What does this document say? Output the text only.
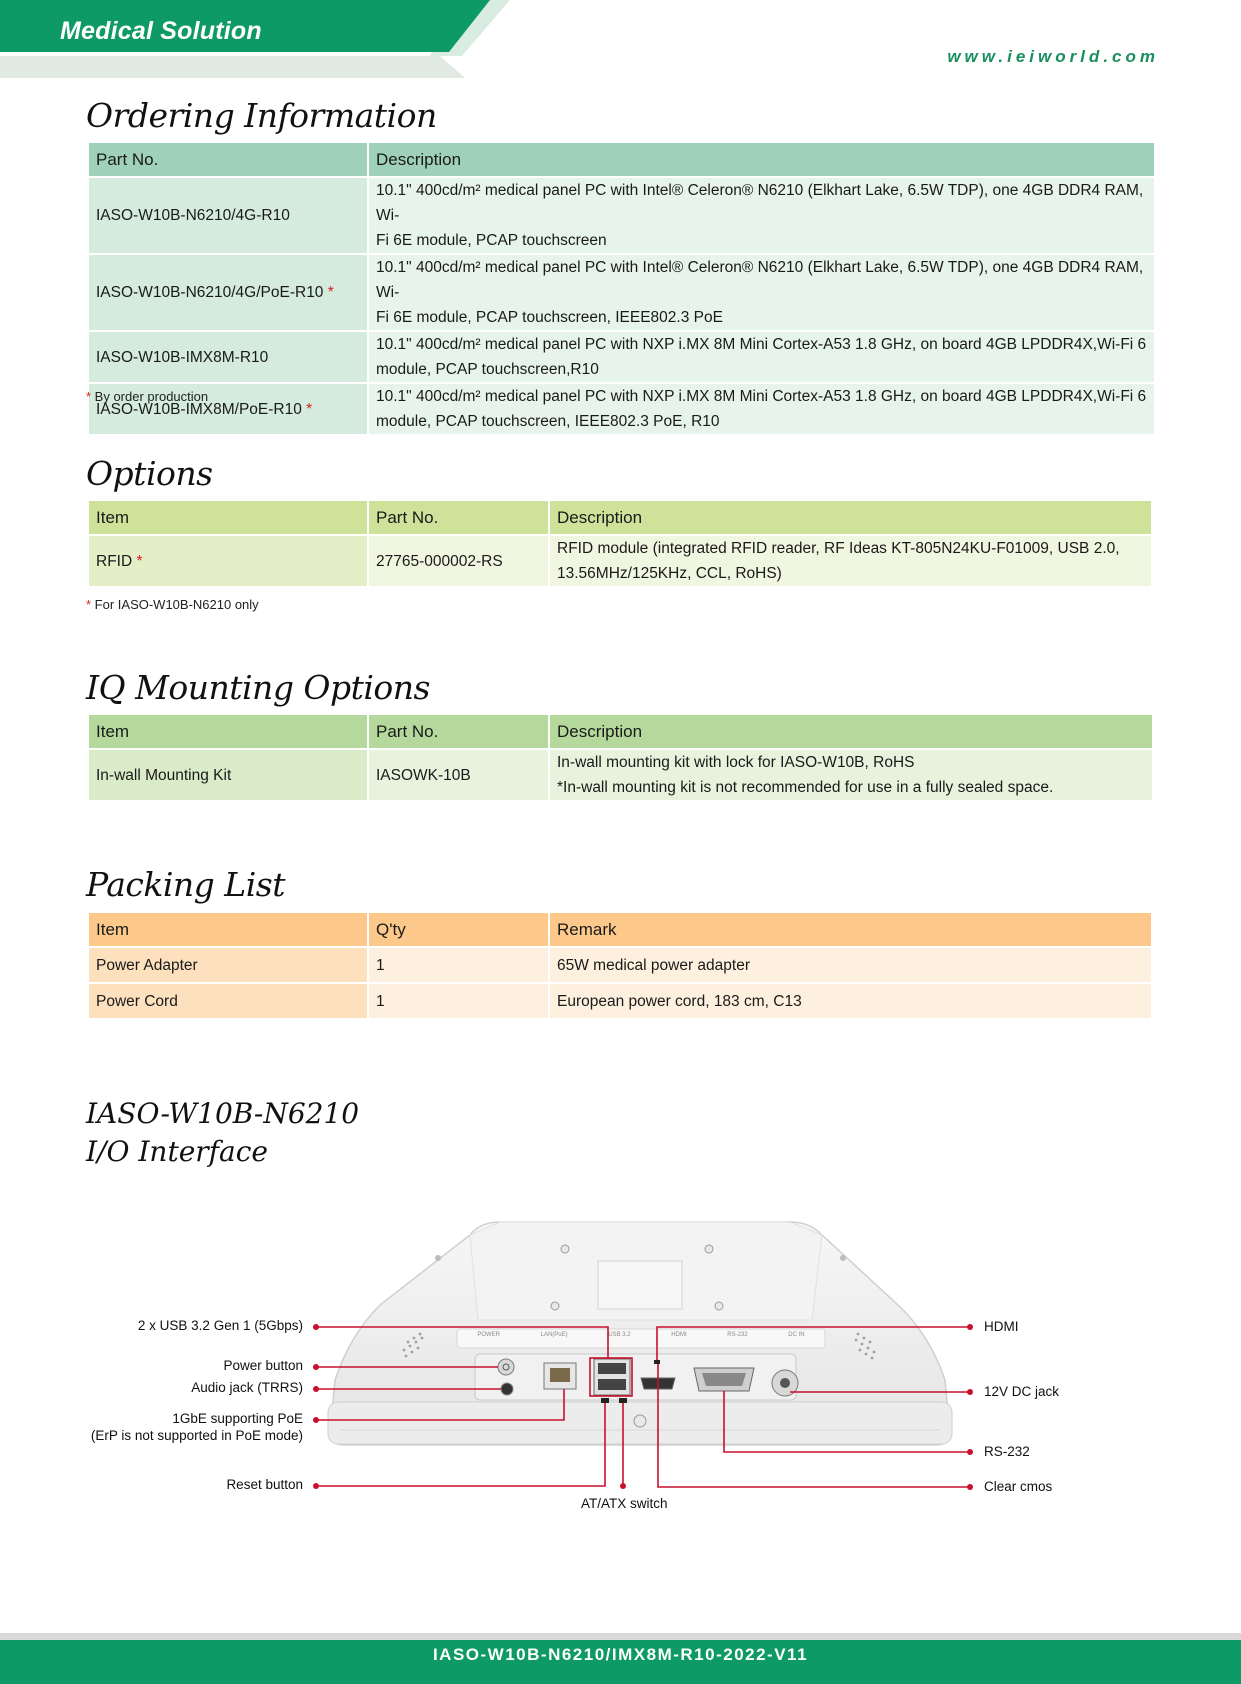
Medical Solution
www.ieiworld.com
Ordering Information
Part No.	Description
IASO-W10B-N6210/4G-R10	10.1" 400cd/m² medical panel PC with Intel® Celeron® N6210 (Elkhart Lake, 6.5W TDP), one 4GB DDR4 RAM, Wi-
Fi 6E module, PCAP touchscreen

IASO-W10B-N6210/4G/PoE-R10 *	10.1" 400cd/m² medical panel PC with Intel® Celeron® N6210 (Elkhart Lake, 6.5W TDP), one 4GB DDR4 RAM, Wi-
Fi 6E module, PCAP touchscreen, IEEE802.3 PoE

IASO-W10B-IMX8M-R10	10.1" 400cd/m² medical panel PC with NXP i.MX 8M Mini Cortex-A53 1.8 GHz, on board 4GB LPDDR4X,Wi-Fi 6
module, PCAP touchscreen,R10

IASO-W10B-IMX8M/PoE-R10 *	10.1" 400cd/m² medical panel PC with NXP i.MX 8M Mini Cortex-A53 1.8 GHz, on board 4GB LPDDR4X,Wi-Fi 6
module, PCAP touchscreen, IEEE802.3 PoE, R10
* By order production
Options
Item	Part No.	Description
RFID *	27765-000002-RS	RFID module (integrated RFID reader, RF Ideas KT-805N24KU-F01009, USB 2.0,
13.56MHz/125KHz, CCL, RoHS)
* For IASO-W10B-N6210 only
IQ Mounting Options
Item	Part No.	Description
In-wall Mounting Kit	IASOWK-10B	In-wall mounting kit with lock for IASO-W10B, RoHS
*In-wall mounting kit is not recommended for use in a fully sealed space.
Packing List
Item	Q'ty	Remark
Power Adapter	1	65W medical power adapter
Power Cord	1	European power cord, 183 cm, C13
IASO-W10B-N6210
I/O Interface
POWER	LAN(PoE)	USB 3.2	HDMI	RS-232	DC IN
2 x USB 3.2 Gen 1 (5Gbps)
Power button
Audio jack (TRRS)
1GbE supporting PoE
(ErP is not supported in PoE mode)
Reset button
AT/ATX switch
HDMI
12V DC jack
RS-232
Clear cmos
IASO-W10B-N6210/IMX8M-R10-2022-V11
